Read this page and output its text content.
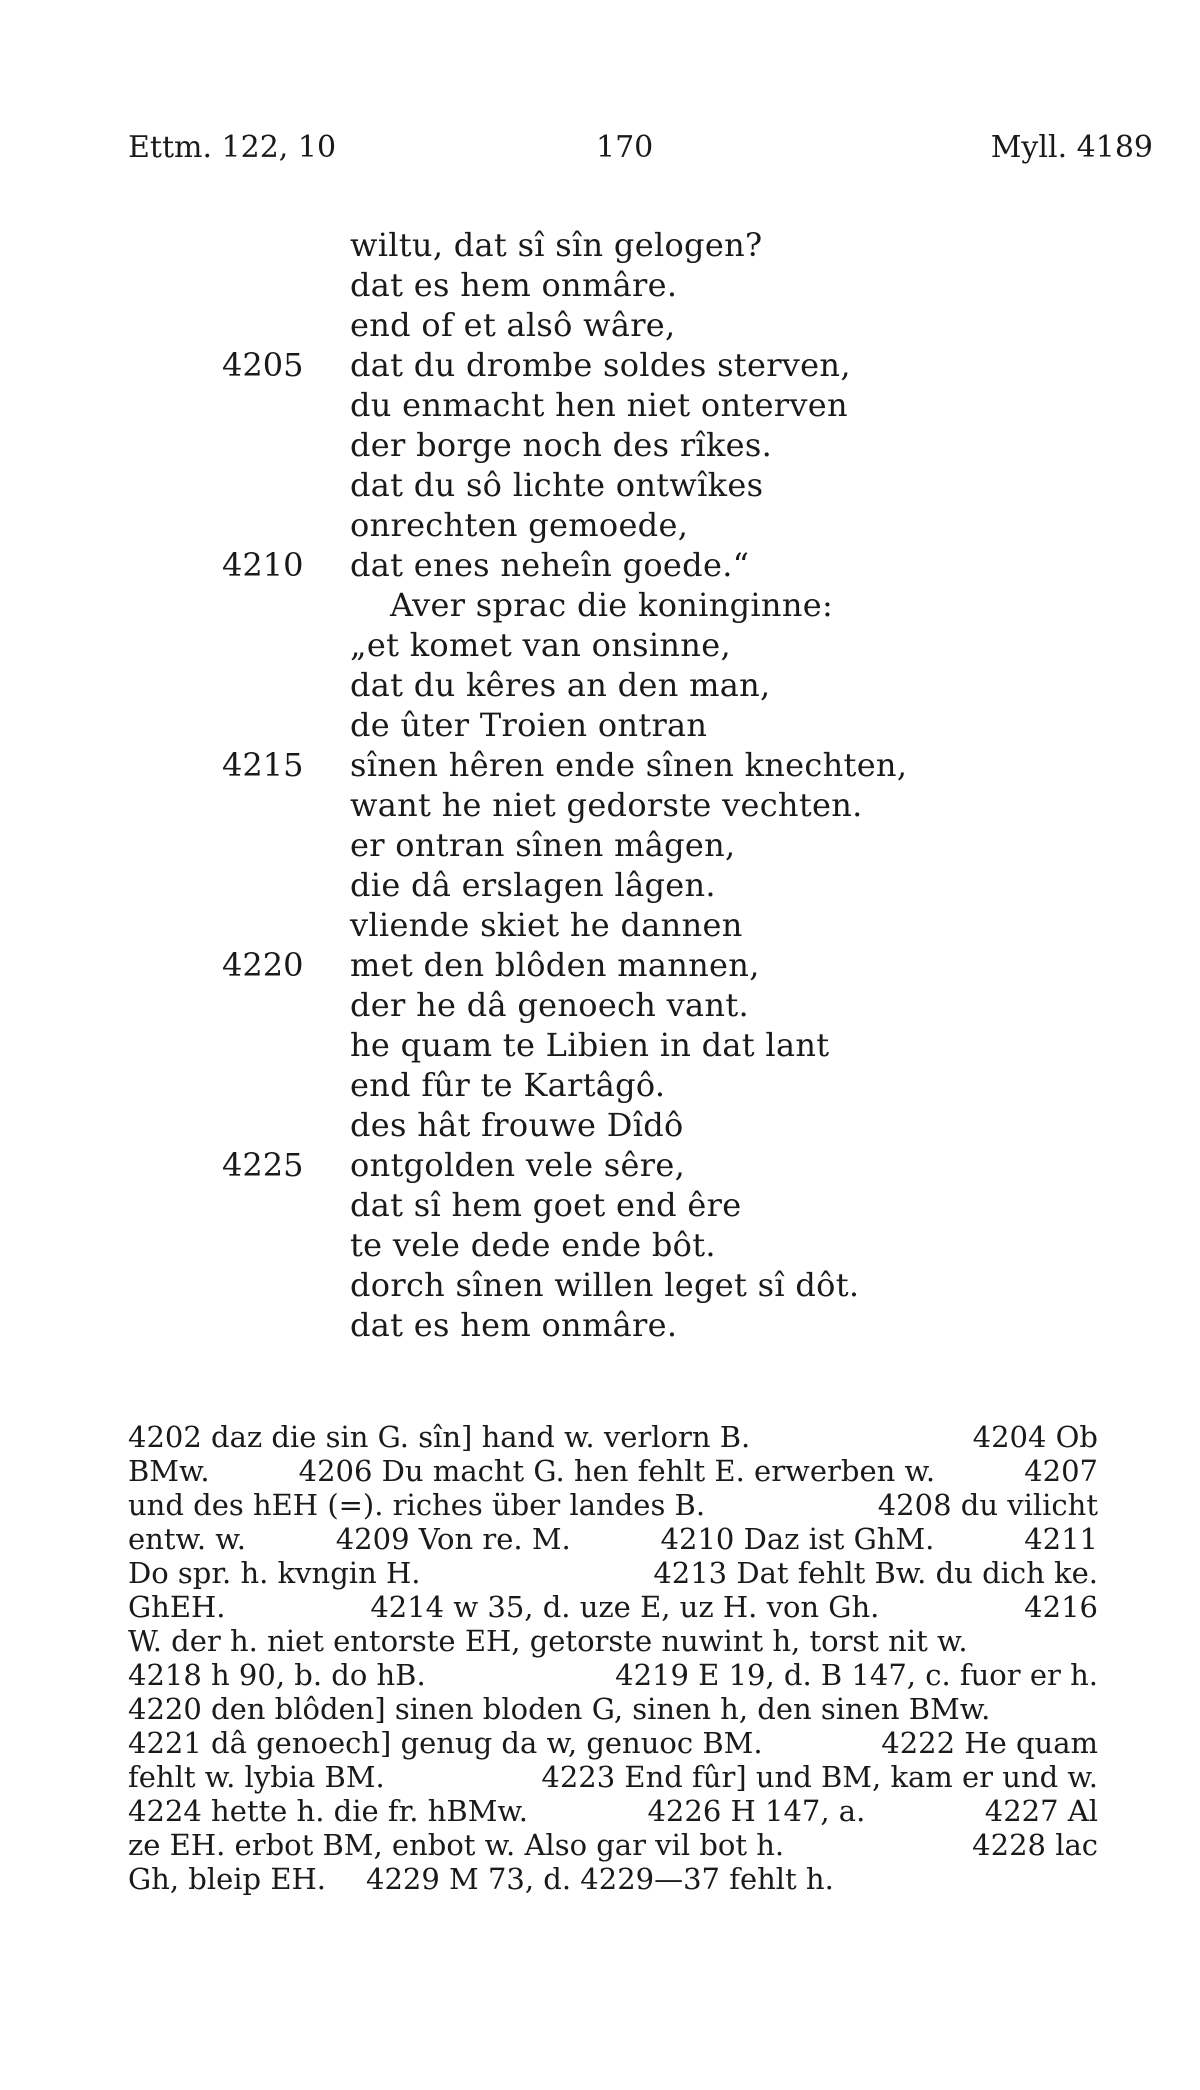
Ettm. 122, 10	170	Myll. 4189
wiltu, dat sî sîn gelogen?
dat es hem onmâre.
end of et alsô wâre,
4205 dat du drombe soldes sterven,
du enmacht hen niet onterven
der borge noch des rîkes.
dat du sô lichte ontwîkes
onrechten gemoede,
4210 dat enes neheîn goede.“
Aver sprac die koninginne:
„et komet van onsinne,
dat du kêres an den man,
de ûter Troien ontran
4215 sînen hêren ende sînen knechten,
want he niet gedorste vechten.
er ontran sînen mâgen,
die dâ erslagen lâgen.
vliende skiet he dannen
4220 met den blôden mannen,
der he dâ genoech vant.
he quam te Libien in dat lant
end fûr te Kartâgô.
des hât frouwe Dîdô
4225 ontgolden vele sêre,
dat sî hem goet end êre
te vele dede ende bôt.
dorch sînen willen leget sî dôt.
dat es hem onmâre.
4202 daz die sin G. sîn] hand w. verlorn B.	4204 Ob
BMw.	4206 Du macht G. hen fehlt E. erwerben w.	4207
und des hEH (=). riches über landes B.	4208 du vilicht
entw. w.	4209 Von re. M.	4210 Daz ist GhM.	4211
Do spr. h. kvngin H.	4213 Dat fehlt Bw. du dich ke.
GhEH.	4214 w 35, d. uze E, uz H. von Gh.	4216
W. der h. niet entorste EH, getorste nuwint h, torst nit w.
4218 h 90, b. do hB.	4219 E 19, d. B 147, c. fuor er h.
4220 den blôden] sinen bloden G, sinen h, den sinen BMw.
4221 dâ genoech] genug da w, genuoc BM.	4222 He quam
fehlt w. lybia BM.	4223 End fûr] und BM, kam er und w.
4224 hette h. die fr. hBMw.	4226 H 147, a.	4227 Al
ze EH. erbot BM, enbot w. Also gar vil bot h.	4228 lac
Gh, bleip EH. 4229 M 73, d. 4229—37 fehlt h.
